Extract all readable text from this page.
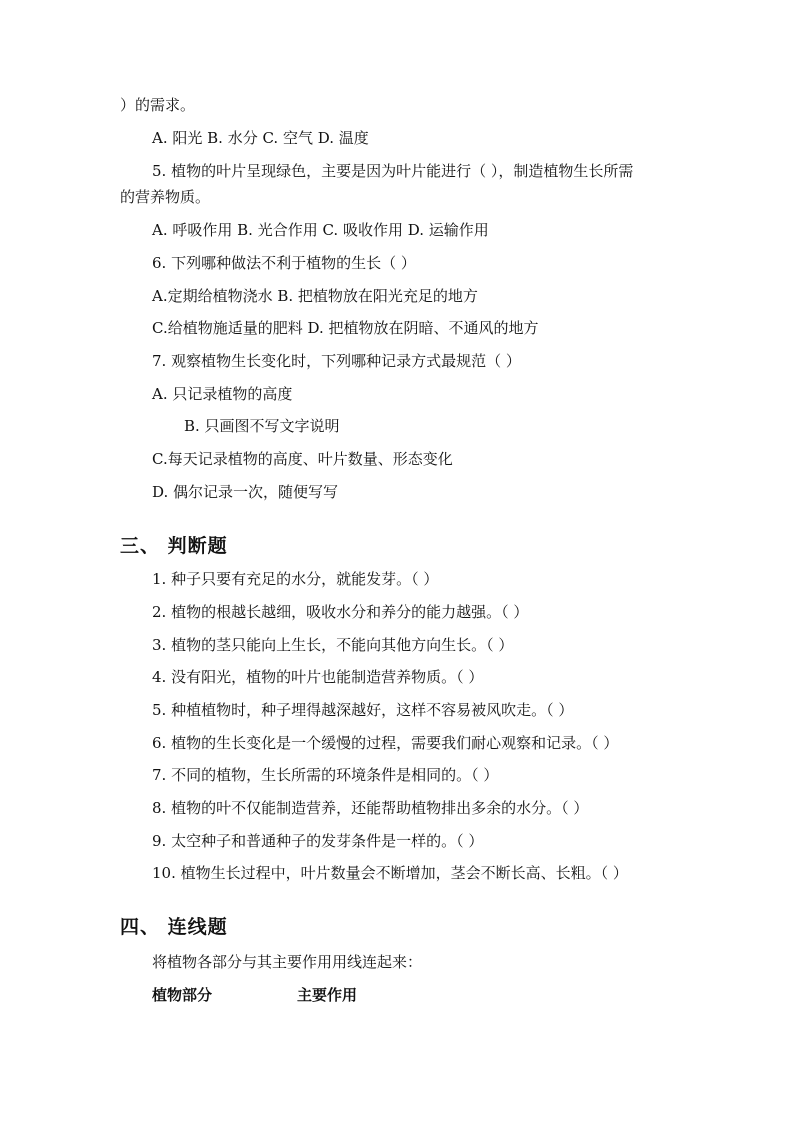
）的需求。
A. 阳光 B. 水分 C. 空气 D. 温度
5. 植物的叶片呈现绿色，主要是因为叶片能进行（ ），制造植物生长所需
的营养物质。
A. 呼吸作用 B. 光合作用 C. 吸收作用 D. 运输作用
6. 下列哪种做法不利于植物的生长（ ）
A.定期给植物浇水 B. 把植物放在阳光充足的地方
C.给植物施适量的肥料 D. 把植物放在阴暗、不通风的地方
7. 观察植物生长变化时，下列哪种记录方式最规范（ ）
A. 只记录植物的高度
B. 只画图不写文字说明
C.每天记录植物的高度、叶片数量、形态变化
D. 偶尔记录一次，随便写写
三、 判断题
1. 种子只要有充足的水分，就能发芽。（ ）
2. 植物的根越长越细，吸收水分和养分的能力越强。（ ）
3. 植物的茎只能向上生长，不能向其他方向生长。（ ）
4. 没有阳光，植物的叶片也能制造营养物质。（ ）
5. 种植植物时，种子埋得越深越好，这样不容易被风吹走。（ ）
6. 植物的生长变化是一个缓慢的过程，需要我们耐心观察和记录。（ ）
7. 不同的植物，生长所需的环境条件是相同的。（ ）
8. 植物的叶不仅能制造营养，还能帮助植物排出多余的水分。（ ）
9. 太空种子和普通种子的发芽条件是一样的。（ ）
10. 植物生长过程中，叶片数量会不断增加，茎会不断长高、长粗。（ ）
四、 连线题
将植物各部分与其主要作用用线连起来：
植物部分	主要作用
